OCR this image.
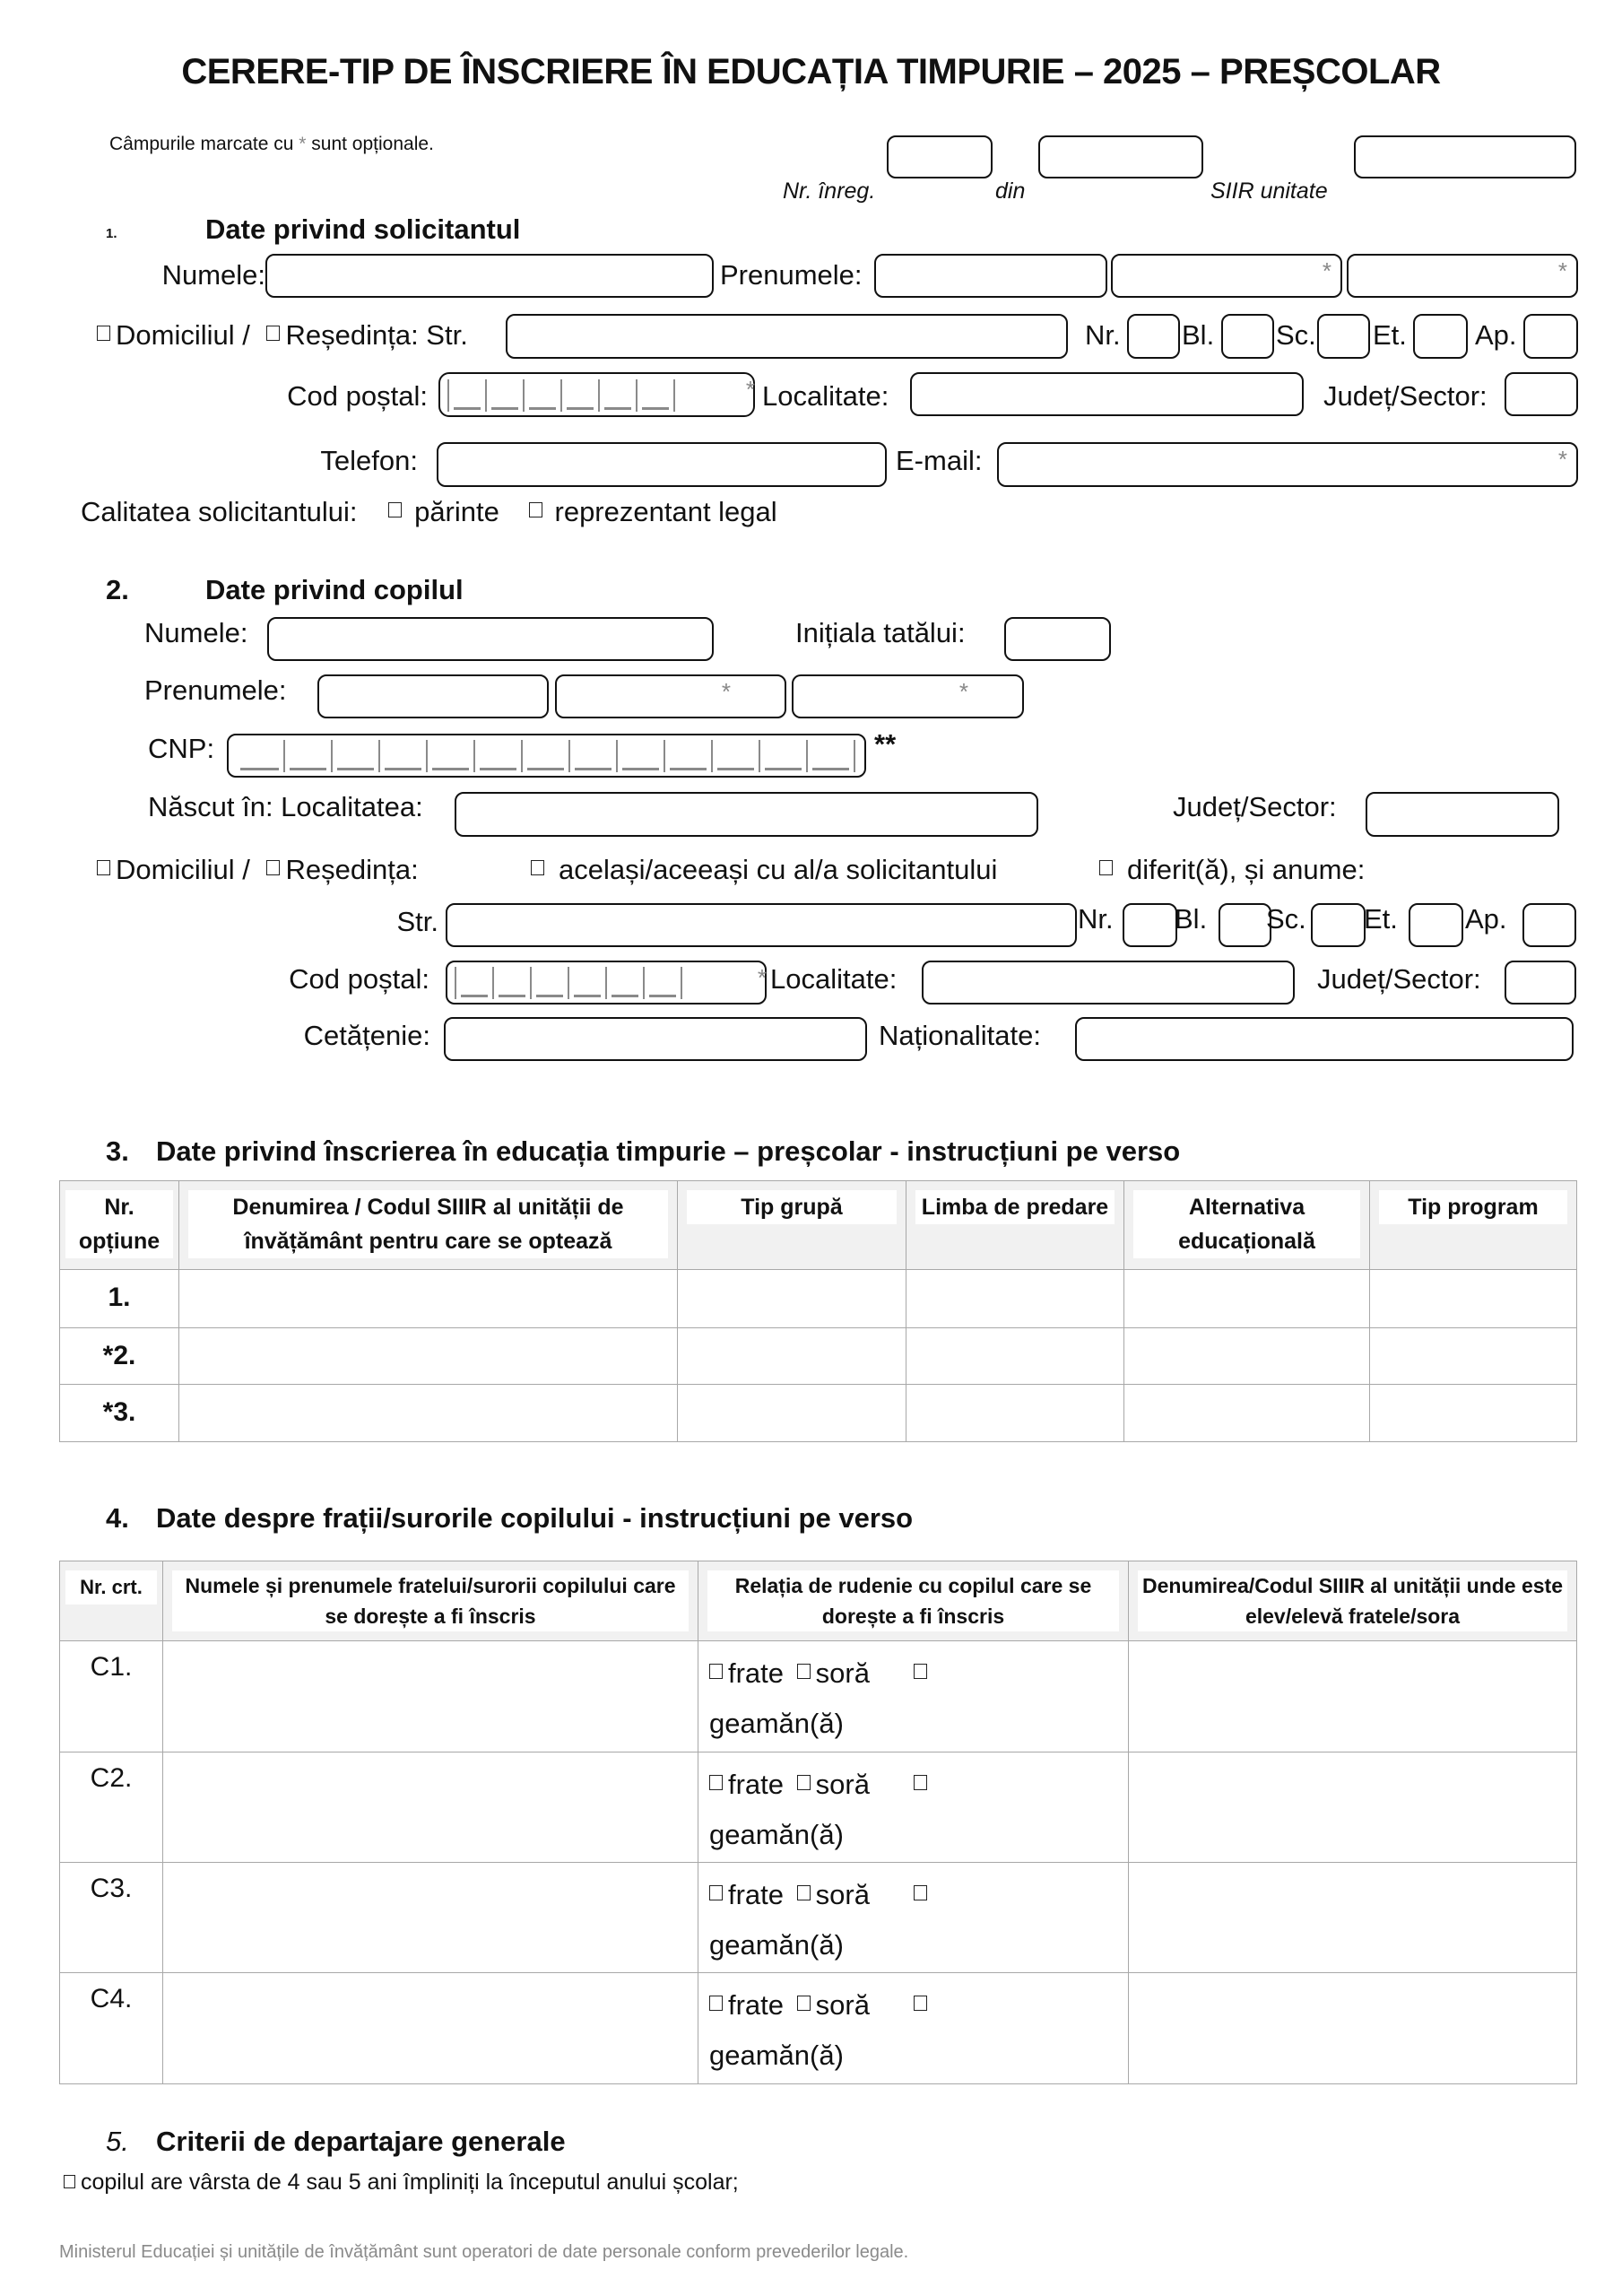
CERERE-TIP DE ÎNSCRIERE ÎN EDUCAȚIA TIMPURIE – 2025 – PREȘCOLAR
Câmpurile marcate cu * sunt opționale.
Nr. înreg.	din	SIIR unitate
1.	Date privind solicitantul
Numele:	Prenumele:	*	*
Domiciliul / Reședința: Str.	Nr. Bl. Sc. Et. Ap.
Cod poștal:	* Localitate:	Județ/Sector:
Telefon:	E-mail:	*
Calitatea solicitantului: părinte reprezentant legal
2.	Date privind copilul
Numele:	Inițiala tatălui:
Prenumele:	*	*
CNP:	**
Născut în: Localitatea:	Județ/Sector:
Domiciliul / Reședința:	același/aceeași cu al/a solicitantului	diferit(ă), și anume:
Str.	Nr. Bl. Sc. Et. Ap.
Cod poștal:	* Localitate:	Județ/Sector:
Cetățenie:	Naționalitate:
3. Date privind înscrierea în educația timpurie – preșcolar - instrucțiuni pe verso
Nr. opțiune	Denumirea / Codul SIIIR al unității de învățământ pentru care se optează	Tip grupă	Limba de predare	Alternativa educațională	Tip program

1.					
*2.					
*3.					
4. Date despre frații/surorile copilului - instrucțiuni pe verso
Nr. crt.	Numele și prenumele fratelui/surorii copilului care se dorește a fi înscris	Relația de rudenie cu copilul care se dorește a fi înscris	Denumirea/Codul SIIIR al unității unde este elev/elevă fratele/sora

C1.		frate soră
geamăn(ă)	
C2.		frate soră
geamăn(ă)	
C3.		frate soră
geamăn(ă)	
C4.		frate soră
geamăn(ă)	
5. Criterii de departajare generale
copilul are vârsta de 4 sau 5 ani împliniți la începutul anului școlar;
Ministerul Educației și unitățile de învățământ sunt operatori de date personale conform prevederilor legale.
